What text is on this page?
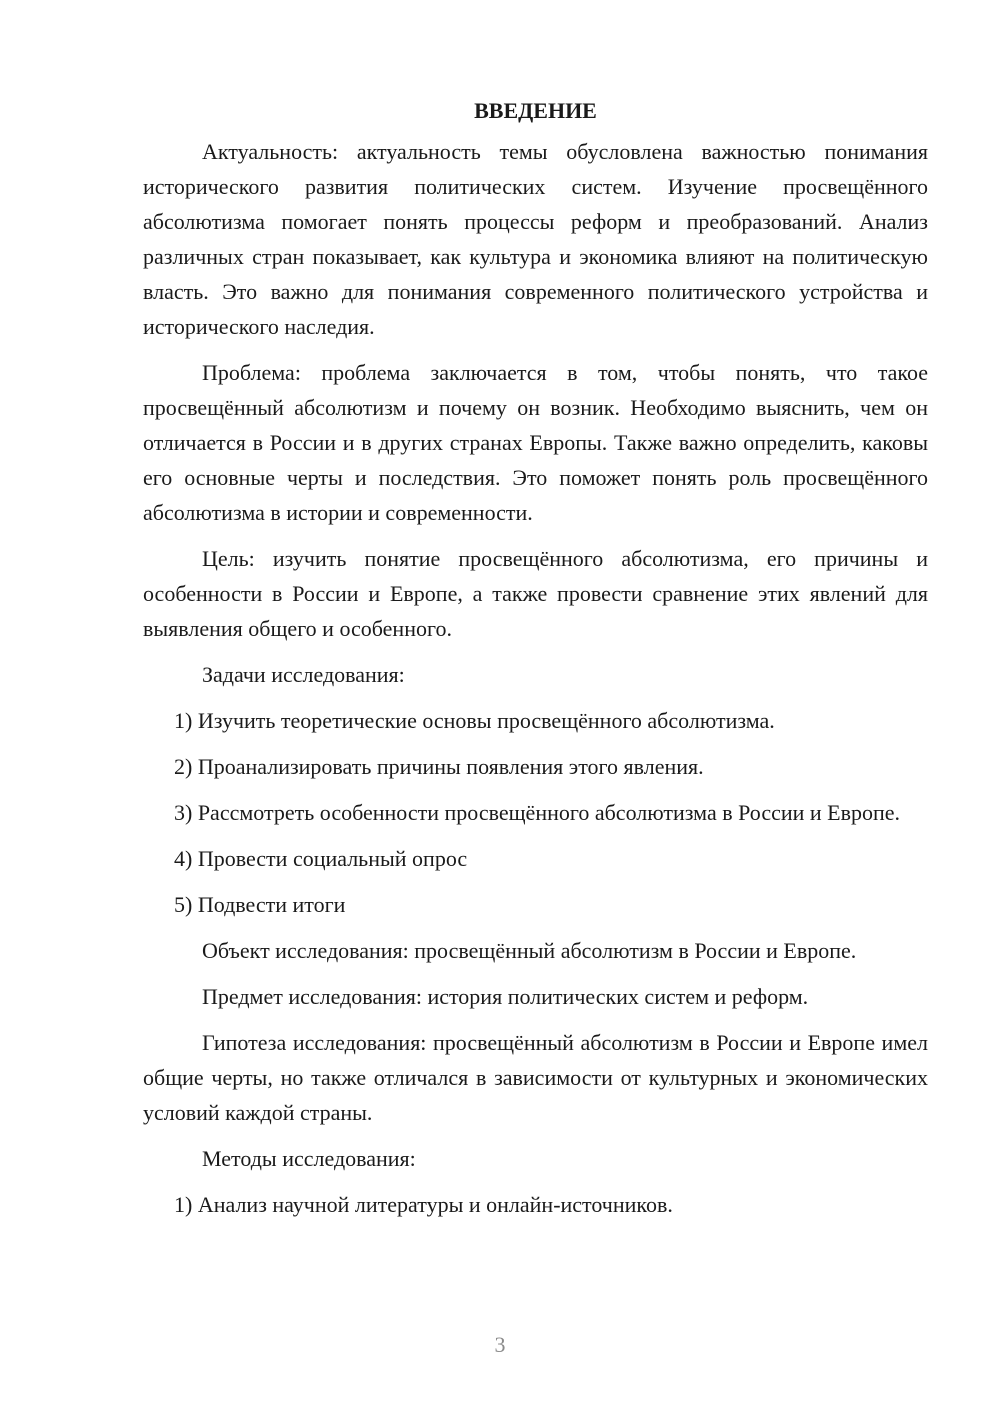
ВВЕДЕНИЕ

Актуальность: актуальность темы обусловлена важностью понимания исторического развития политических систем. Изучение просвещённого абсолютизма помогает понять процессы реформ и преобразований. Анализ различных стран показывает, как культура и экономика влияют на политическую власть. Это важно для понимания современного политического устройства и исторического наследия.

Проблема: проблема заключается в том, чтобы понять, что такое просвещённый абсолютизм и почему он возник. Необходимо выяснить, чем он отличается в России и в других странах Европы. Также важно определить, каковы его основные черты и последствия. Это поможет понять роль просвещённого абсолютизма в истории и современности.

Цель: изучить понятие просвещённого абсолютизма, его причины и особенности в России и Европе, а также провести сравнение этих явлений для выявления общего и особенного.

Задачи исследования:

1) Изучить теоретические основы просвещённого абсолютизма.
2) Проанализировать причины появления этого явления.
3) Рассмотреть особенности просвещённого абсолютизма в России и Европе.
4) Провести социальный опрос
5) Подвести итоги

Объект исследования: просвещённый абсолютизм в России и Европе.

Предмет исследования: история политических систем и реформ.

Гипотеза исследования: просвещённый абсолютизм в России и Европе имел общие черты, но также отличался в зависимости от культурных и экономических условий каждой страны.

Методы исследования:

1) Анализ научной литературы и онлайн-источников.
3
